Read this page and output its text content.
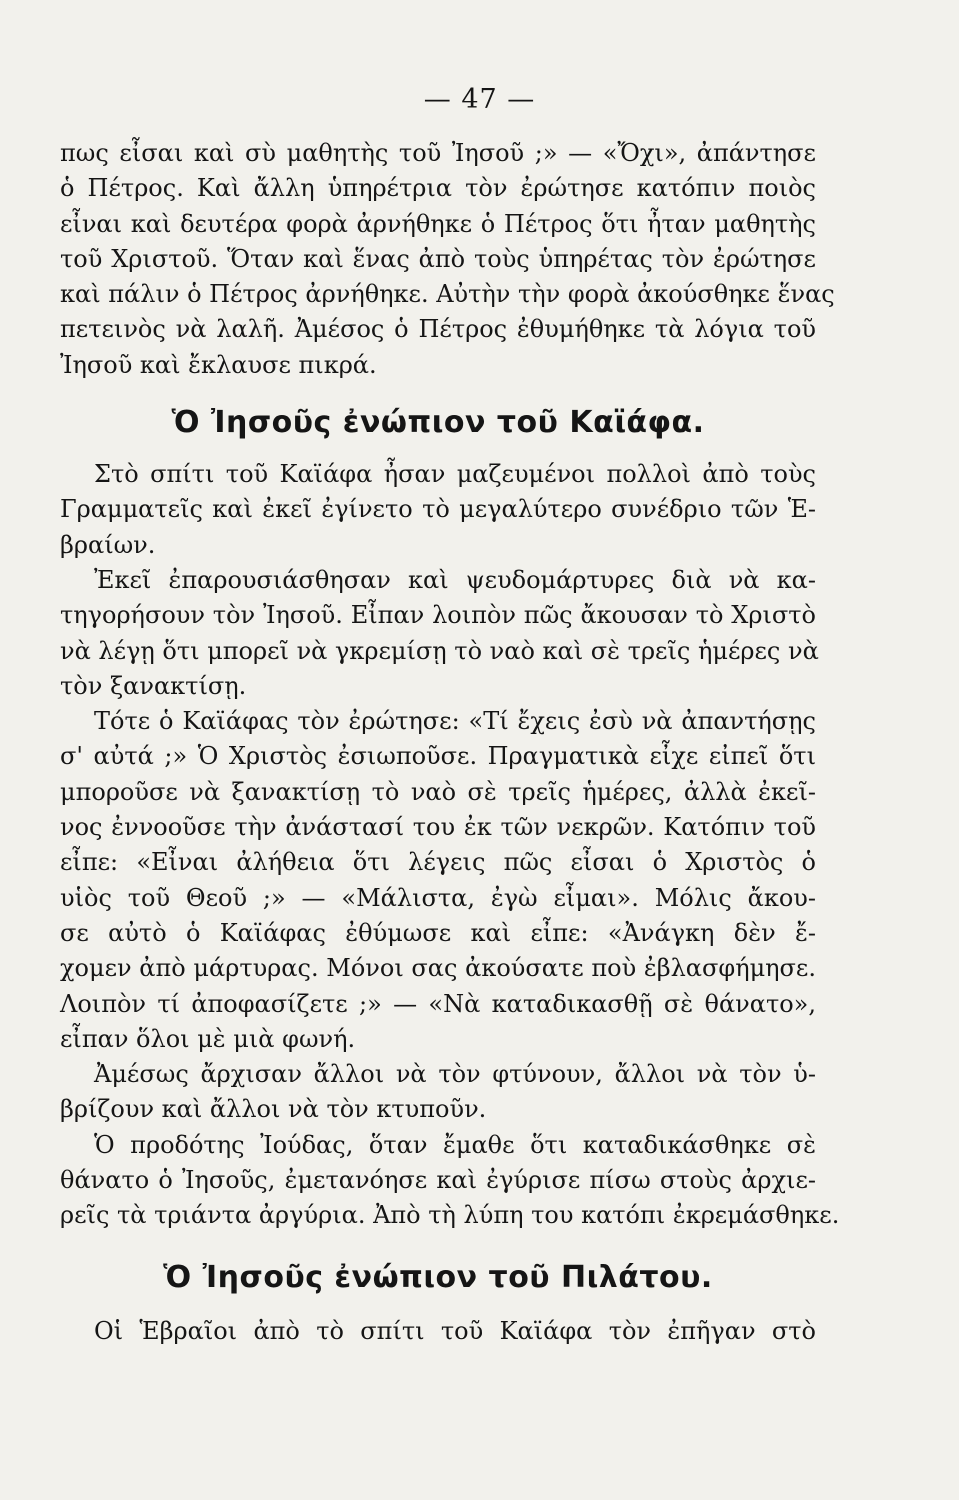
— 47 —
πως εἶσαι καὶ σὺ μαθητὴς τοῦ Ἰησοῦ ;» — «Ὄχι», ἀπάντησε
ὁ Πέτρος. Καὶ ἄλλη ὑπηρέτρια τὸν ἐρώτησε κατόπιν ποιὸς
εἶναι καὶ δευτέρα φορὰ ἀρνήθηκε ὁ Πέτρος ὅτι ἦταν μαθητὴς
τοῦ Χριστοῦ. Ὅταν καὶ ἕνας ἀπὸ τοὺς ὑπηρέτας τὸν ἐρώτησε
καὶ πάλιν ὁ Πέτρος ἀρνήθηκε. Αὐτὴν τὴν φορὰ ἀκούσθηκε ἕνας
πετεινὸς νὰ λαλῆ. Ἀμέσος ὁ Πέτρος ἐθυμήθηκε τὰ λόγια τοῦ
Ἰησοῦ καὶ ἔκλαυσε πικρά.
Ὁ Ἰησοῦς ἐνώπιον τοῦ Καϊάφα.
Στὸ σπίτι τοῦ Καϊάφα ἦσαν μαζευμένοι πολλοὶ ἀπὸ τοὺς
Γραμματεῖς καὶ ἐκεῖ ἐγίνετο τὸ μεγαλύτερο συνέδριο τῶν Ἑ-
βραίων.
Ἐκεῖ ἐπαρουσιάσθησαν καὶ ψευδομάρτυρες διὰ νὰ κα-
τηγορήσουν τὸν Ἰησοῦ. Εἶπαν λοιπὸν πῶς ἄκουσαν τὸ Χριστὸ
νὰ λέγῃ ὅτι μπορεῖ νὰ γκρεμίσῃ τὸ ναὸ καὶ σὲ τρεῖς ἡμέρες νὰ
τὸν ξανακτίσῃ.
Τότε ὁ Καϊάφας τὸν ἐρώτησε: «Τί ἔχεις ἐσὺ νὰ ἀπαντήσῃς
σ' αὐτά ;» Ὁ Χριστὸς ἐσιωποῦσε. Πραγματικὰ εἶχε εἰπεῖ ὅτι
μποροῦσε νὰ ξανακτίσῃ τὸ ναὸ σὲ τρεῖς ἡμέρες, ἀλλὰ ἐκεῖ-
νος ἐννοοῦσε τὴν ἀνάστασί του ἐκ τῶν νεκρῶν. Κατόπιν τοῦ
εἶπε: «Εἶναι ἀλήθεια ὅτι λέγεις πῶς εἶσαι ὁ Χριστὸς ὁ
υἱὸς τοῦ Θεοῦ ;» — «Μάλιστα, ἐγὼ εἶμαι». Μόλις ἄκου-
σε αὐτὸ ὁ Καϊάφας ἐθύμωσε καὶ εἶπε: «Ἀνάγκη δὲν ἔ-
χομεν ἀπὸ μάρτυρας. Μόνοι σας ἀκούσατε ποὺ ἐβλασφήμησε.
Λοιπὸν τί ἀποφασίζετε ;» — «Νὰ καταδικασθῇ σὲ θάνατο»,
εἶπαν ὅλοι μὲ μιὰ φωνή.
Ἀμέσως ἄρχισαν ἄλλοι νὰ τὸν φτύνουν, ἄλλοι νὰ τὸν ὑ-
βρίζουν καὶ ἄλλοι νὰ τὸν κτυποῦν.
Ὁ προδότης Ἰούδας, ὅταν ἔμαθε ὅτι καταδικάσθηκε σὲ
θάνατο ὁ Ἰησοῦς, ἐμετανόησε καὶ ἐγύρισε πίσω στοὺς ἀρχιε-
ρεῖς τὰ τριάντα ἀργύρια. Ἀπὸ τὴ λύπη του κατόπι ἐκρεμάσθηκε.
Ὁ Ἰησοῦς ἐνώπιον τοῦ Πιλάτου.
Οἱ Ἑβραῖοι ἀπὸ τὸ σπίτι τοῦ Καϊάφα τὸν ἐπῆγαν στὸ
